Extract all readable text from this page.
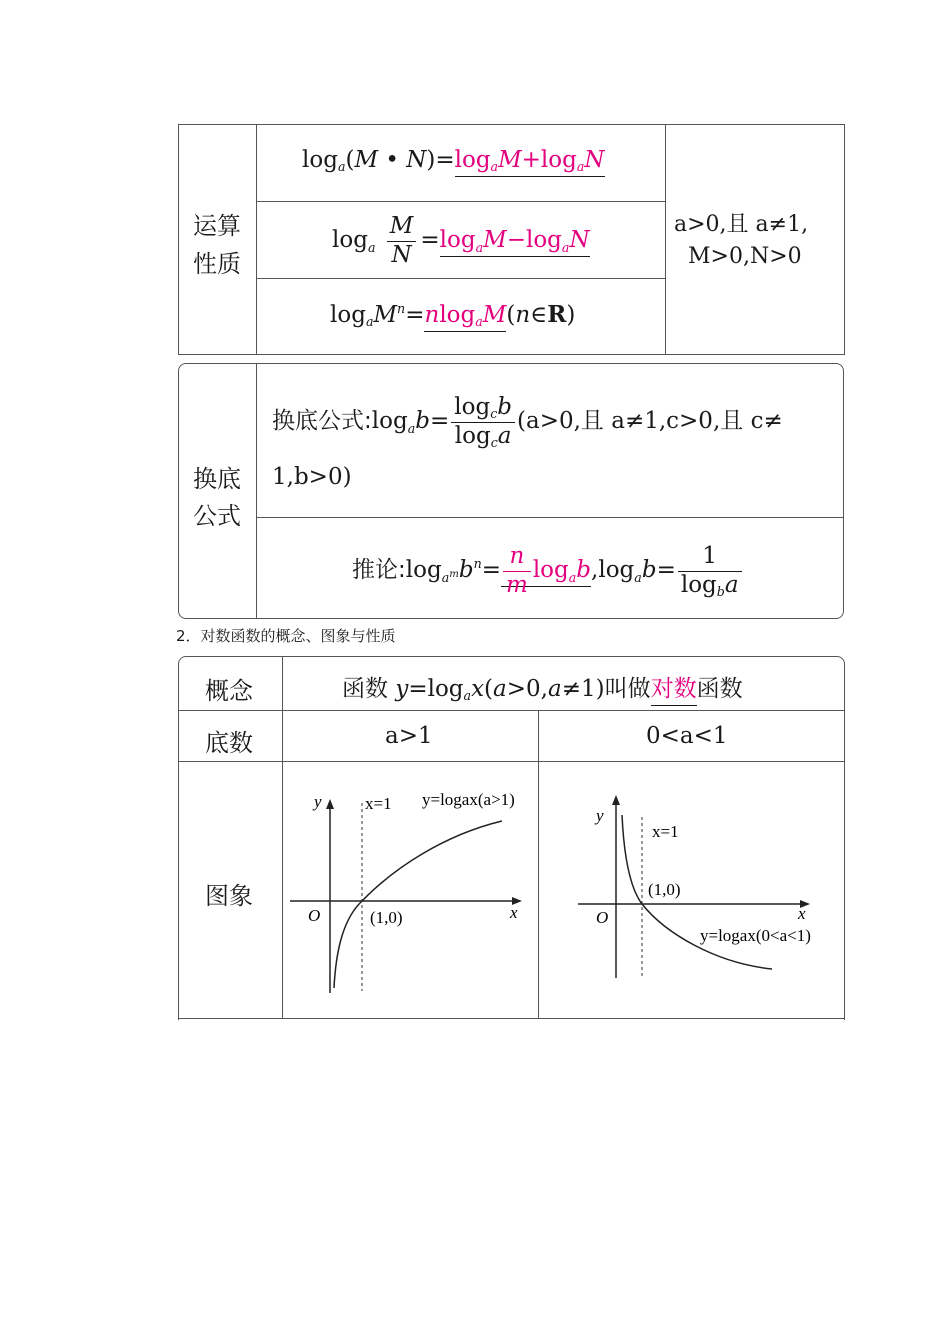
运算
性质
loga(M • N)=logaM+logaN
loga $\frac{M}{N}$ =logaM−logaN
logaM$^n$=nlogaM(n∈R)
a>0,且 a≠1,
M>0,N>0
换底
公式
换底公式:logab= $\frac{\text{logcb}}{\text{logca}} (a>0$,且 a≠1,c>0,且 c≠
1,b>0)
推论$:\log a^mb^n= \frac{n}{m}$ logab,logab= $\frac{1}{\text{logba}}$
2．对数函数的概念、图象与性质
概念
底数
图象
函数 y=logax(a>0,a≠1)叫做对数函数
a>1	0<a<1
y
x
O
x=1
(1,0)
y=logax(a>1)
y
x
O
x=1
(1,0)
y=logax(0<a<1)
